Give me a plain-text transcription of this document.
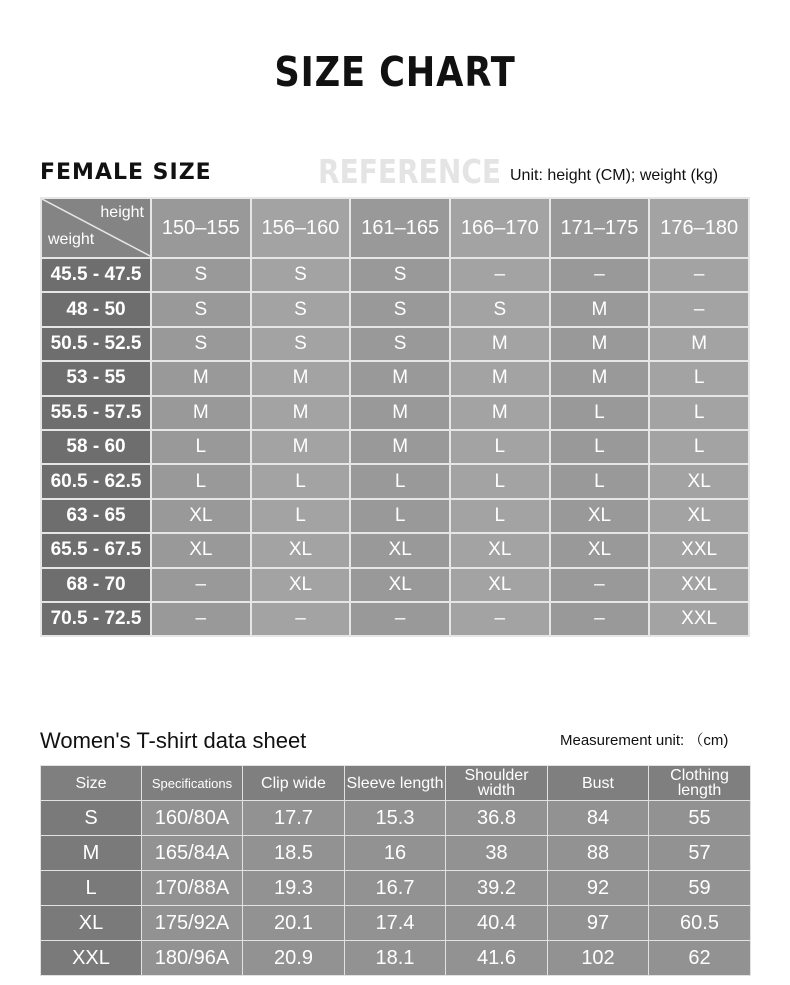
SIZE CHART
FEMALE SIZE	REFERENCE Unit: height (CM); weight (kg)
height
weight	150–155	156–160	161–165	166–170	171–175	176–180
45.5 - 47.5	S	S	S	–	–	–
48 - 50	S	S	S	S	M	–
50.5 - 52.5	S	S	S	M	M	M
53 - 55	M	M	M	M	M	L
55.5 - 57.5	M	M	M	M	L	L
58 - 60	L	M	M	L	L	L
60.5 - 62.5	L	L	L	L	L	XL
63 - 65	XL	L	L	L	XL	XL
65.5 - 67.5	XL	XL	XL	XL	XL	XXL
68 - 70	–	XL	XL	XL	–	XXL
70.5 - 72.5	–	–	–	–	–	XXL
Women's T-shirt data sheet	Measurement unit: （cm)
Size	Specifications	Clip wide	Sleeve length	Shoulder width	Bust	Clothing length
S	160/80A	17.7	15.3	36.8	84	55
M	165/84A	18.5	16	38	88	57
L	170/88A	19.3	16.7	39.2	92	59
XL	175/92A	20.1	17.4	40.4	97	60.5
XXL	180/96A	20.9	18.1	41.6	102	62
